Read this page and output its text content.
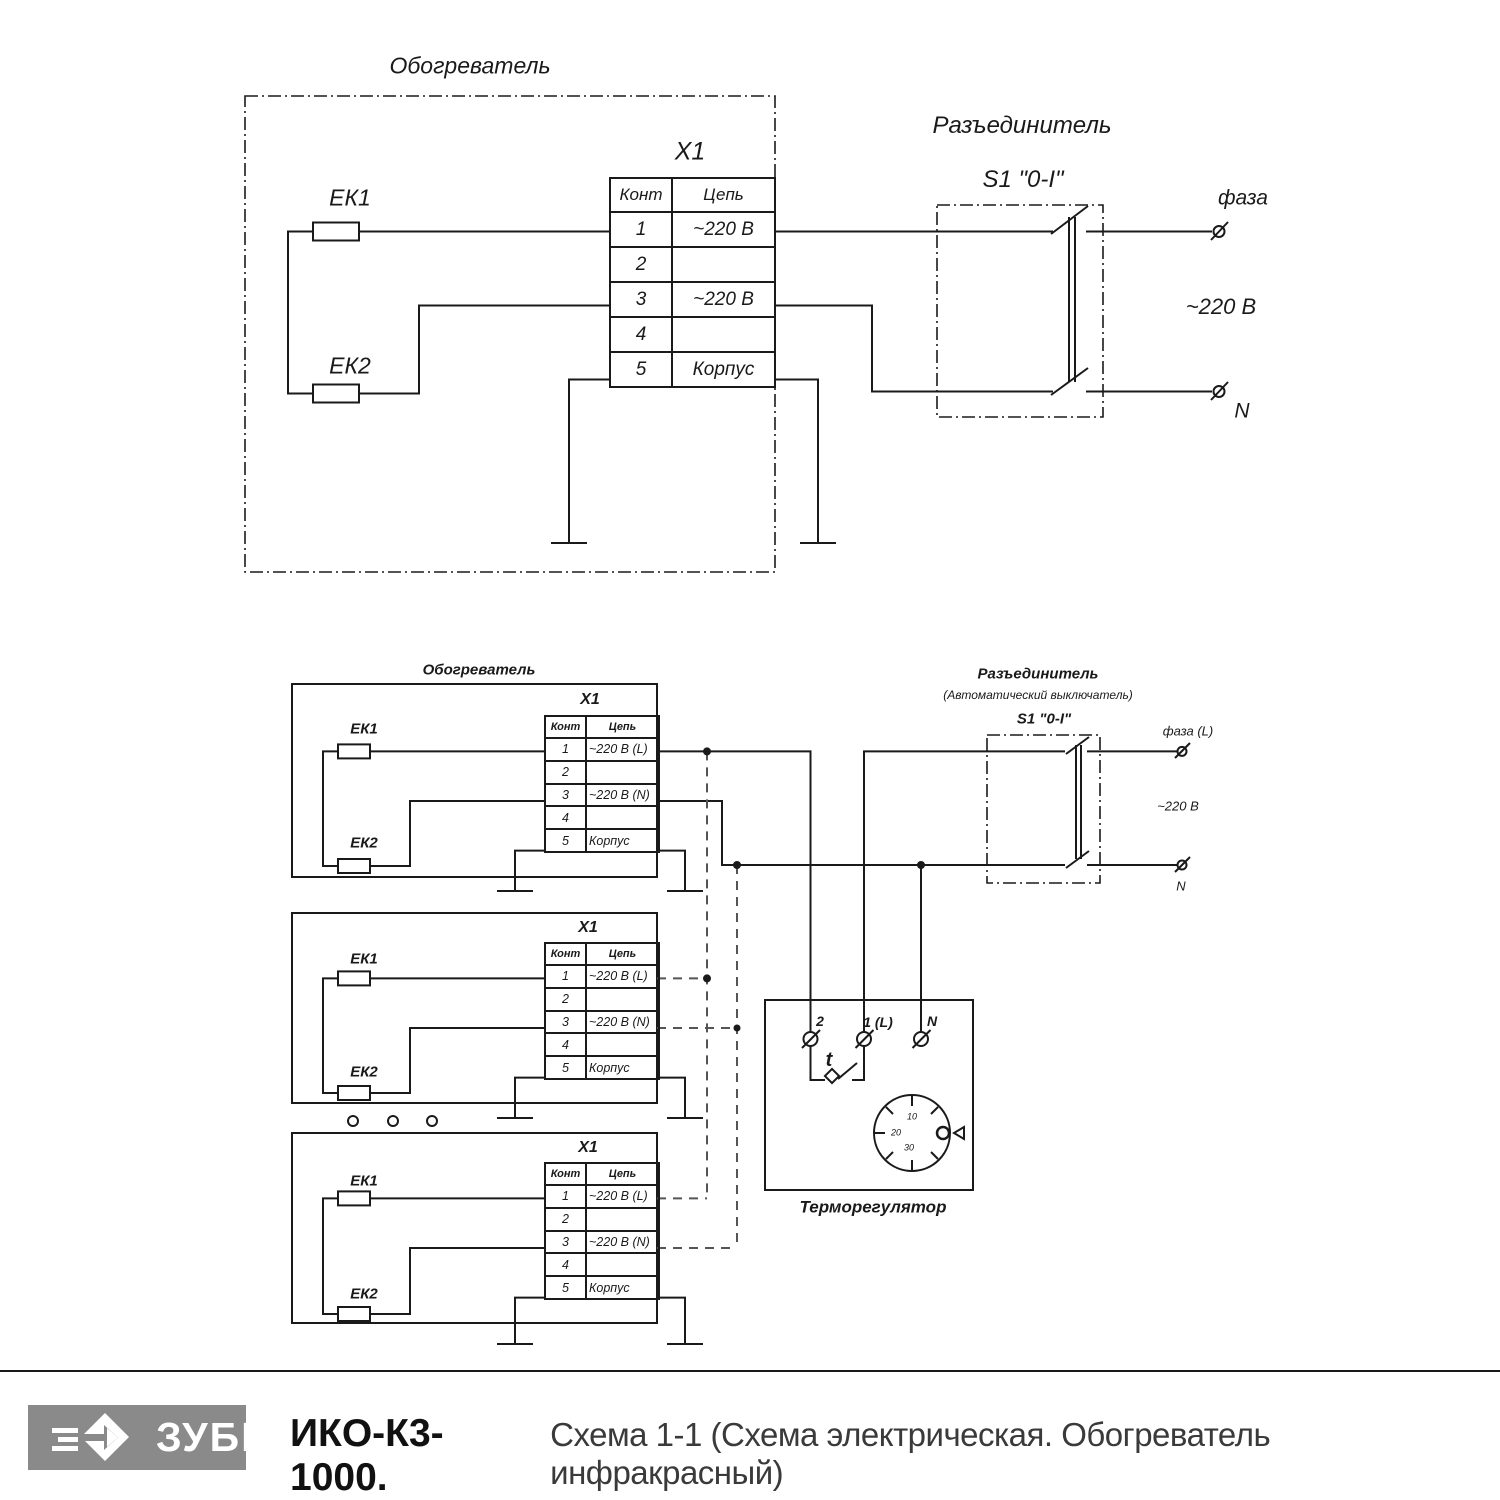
Обогреватель
ЕК1
ЕК2
X1
Разъединитель
S1 "0-I"
фаза
~220 В
N
Конт	Цепь
1	~220 В
2	
3	~220 В
4	
5	Корпус
Обогреватель
X1
X1
X1
ЕК1
ЕК2
ЕК1
ЕК2
ЕК1
ЕК2
Конт	Цепь
1	~220 В (L)
2	
3	~220 В (N)
4	
5	Корпус
Конт	Цепь
1	~220 В (L)
2	
3	~220 В (N)
4	
5	Корпус
Конт	Цепь
1	~220 В (L)
2	
3	~220 В (N)
4	
5	Корпус
Разъединитель
(Автоматический выключатель)
S1 "0-I"
фаза (L)
~220 В
N
2	1 (L) N
t
10
20
30
Терморегулятор
ЗУБР ИКО-К3-1000.
Схема 1-1 (Схема электрическая. Обогреватель инфракрасный)
